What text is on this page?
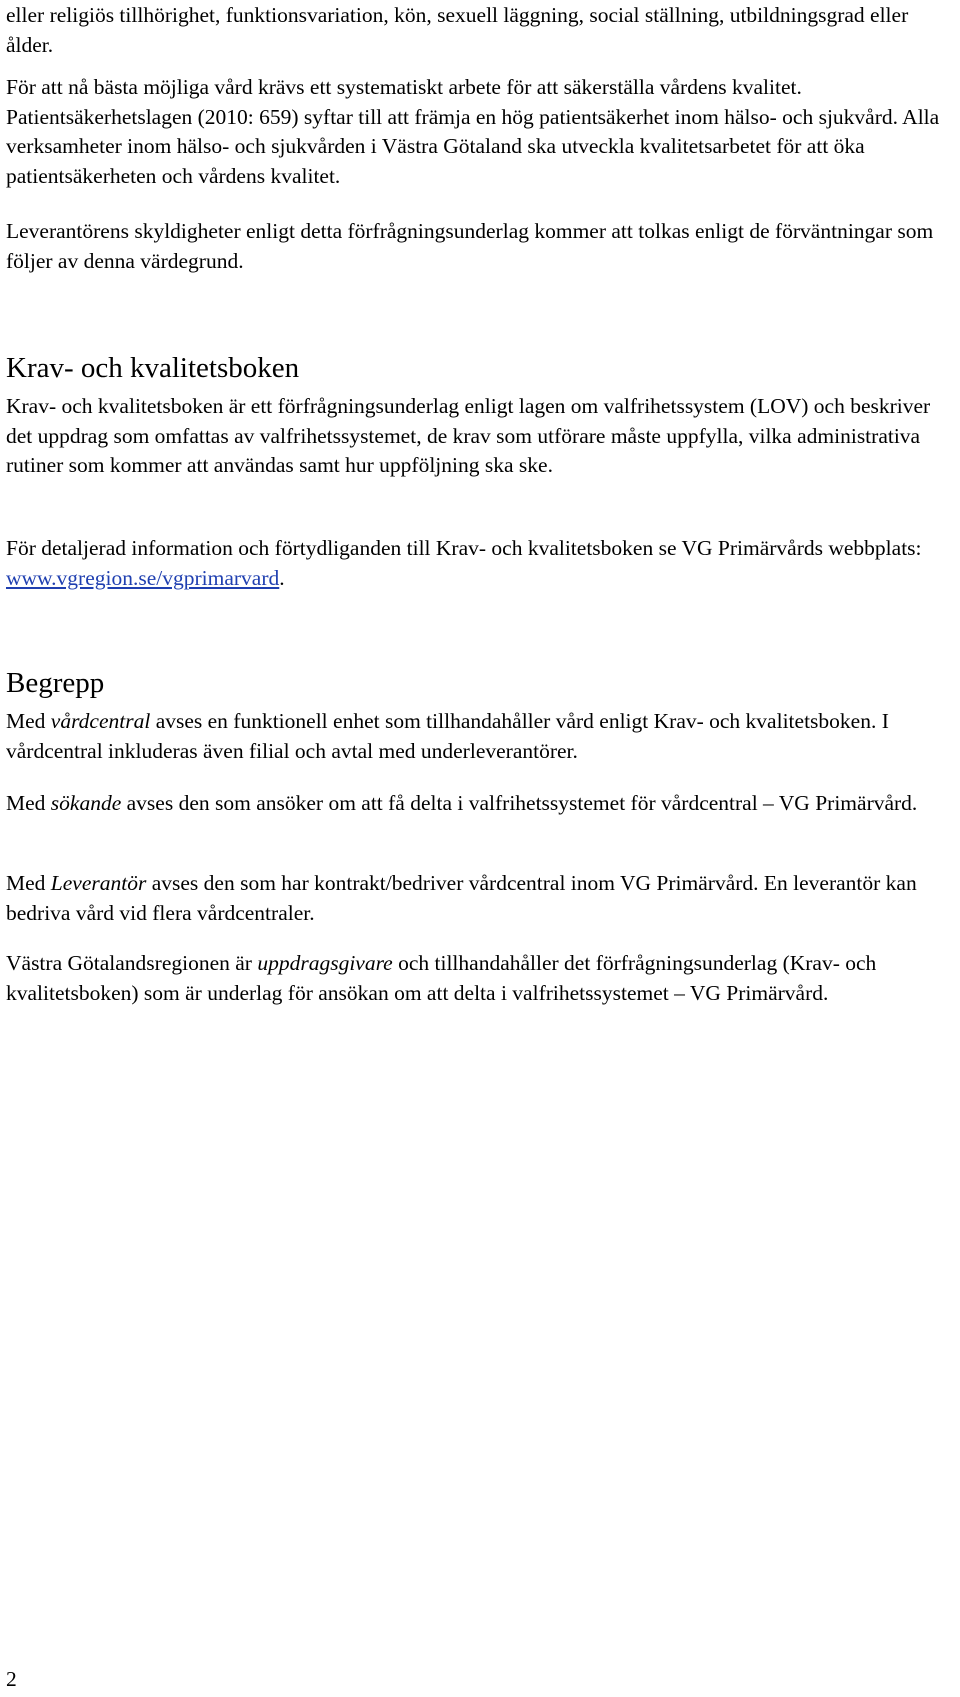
eller religiös tillhörighet, funktionsvariation, kön, sexuell läggning, social ställning, utbildningsgrad eller ålder.

För att nå bästa möjliga vård krävs ett systematiskt arbete för att säkerställa vårdens kvalitet. Patientsäkerhetslagen (2010: 659) syftar till att främja en hög patientsäkerhet inom hälso- och sjukvård. Alla verksamheter inom hälso- och sjukvården i Västra Götaland ska utveckla kvalitetsarbetet för att öka patientsäkerheten och vårdens kvalitet.

Leverantörens skyldigheter enligt detta förfrågningsunderlag kommer att tolkas enligt de förväntningar som följer av denna värdegrund.

Krav- och kvalitetsboken

Krav- och kvalitetsboken är ett förfrågningsunderlag enligt lagen om valfrihetssystem (LOV) och beskriver det uppdrag som omfattas av valfrihetssystemet, de krav som utförare måste uppfylla, vilka administrativa rutiner som kommer att användas samt hur uppföljning ska ske.

För detaljerad information och förtydliganden till Krav- och kvalitetsboken se VG Primärvårds webbplats: www.vgregion.se/vgprimarvard.

Begrepp

Med vårdcentral avses en funktionell enhet som tillhandahåller vård enligt Krav- och kvalitetsboken. I vårdcentral inkluderas även filial och avtal med underleverantörer.

Med sökande avses den som ansöker om att få delta i valfrihetssystemet för vårdcentral – VG Primärvård.

Med Leverantör avses den som har kontrakt/bedriver vårdcentral inom VG Primärvård. En leverantör kan bedriva vård vid flera vårdcentraler.

Västra Götalandsregionen är uppdragsgivare och tillhandahåller det förfrågningsunderlag (Krav- och kvalitetsboken) som är underlag för ansökan om att delta i valfrihetssystemet – VG Primärvård.

2
